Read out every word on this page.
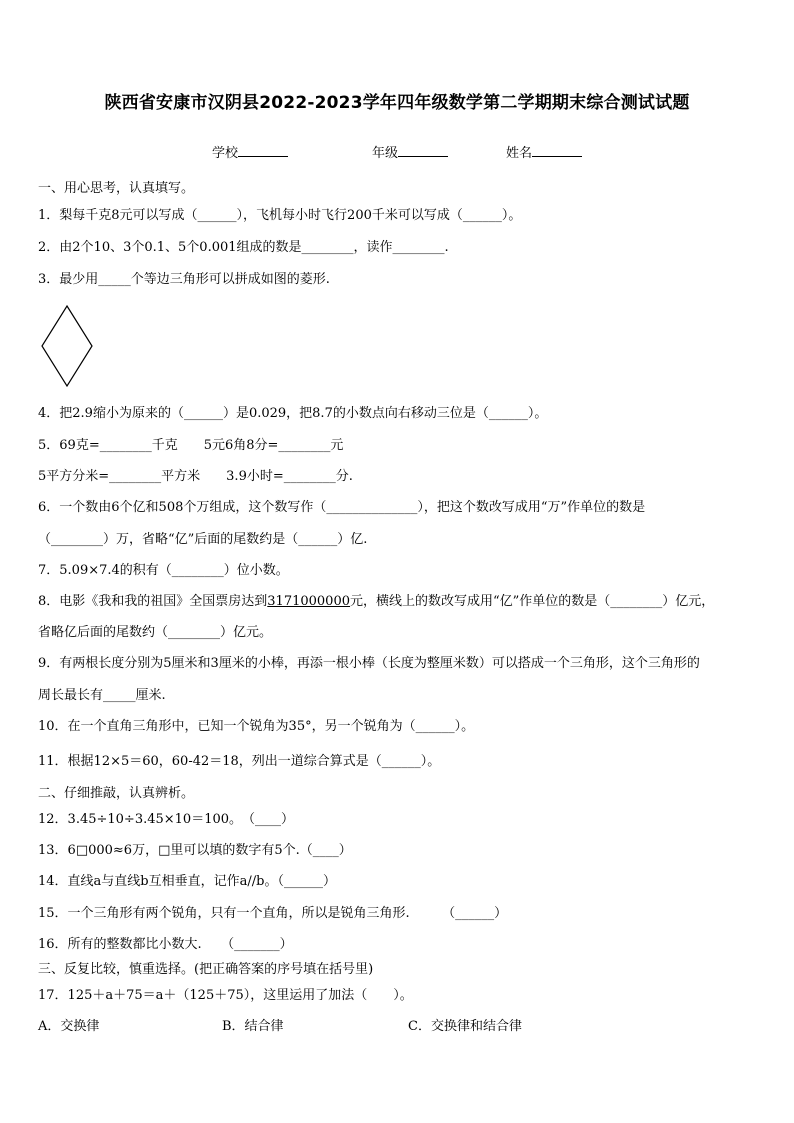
陕西省安康市汉阴县2022-2023学年四年级数学第二学期期末综合测试试题
学校	年级	姓名
一、用心思考，认真填写。
1．梨每千克8元可以写成（______），飞机每小时飞行200千米可以写成（______）。
2．由2个10、3个0.1、5个0.001组成的数是________，读作________.
3．最少用_____个等边三角形可以拼成如图的菱形.
4．把2.9缩小为原来的（______）是0.029，把8.7的小数点向右移动三位是（______）。
5．69克=________千克　　5元6角8分=________元
5平方分米=________平方米　　3.9小时=________分.
6．一个数由6个亿和508个万组成，这个数写作（______________），把这个数改写成用“万”作单位的数是
（________）万，省略“亿”后面的尾数约是（______）亿.
7．5.09×7.4的积有（________）位小数。
8．电影《我和我的祖国》全国票房达到3171000000元，横线上的数改写成用“亿”作单位的数是（________）亿元，
省略亿后面的尾数约（________）亿元。
9．有两根长度分别为5厘米和3厘米的小棒，再添一根小棒（长度为整厘米数）可以搭成一个三角形，这个三角形的
周长最长有_____厘米.
10．在一个直角三角形中，已知一个锐角为35°，另一个锐角为（______）。
11．根据12×5＝60，60-42＝18，列出一道综合算式是（______）。
二、仔细推敲，认真辨析。
12．3.45÷10÷3.45×10＝100。　（____）
13．6□000≈6万，□里可以填的数字有5个.（____）
14．直线a与直线b互相垂直，记作a//b。（______）
15．一个三角形有两个锐角，只有一个直角，所以是锐角三角形.　　　（______）
16．所有的整数都比小数大.　　（_______）
三、反复比较，慎重选择。(把正确答案的序号填在括号里)
17．125＋a＋75＝a＋（125＋75），这里运用了加法（　　）。
A．交换律	B．结合律	C．交换律和结合律
